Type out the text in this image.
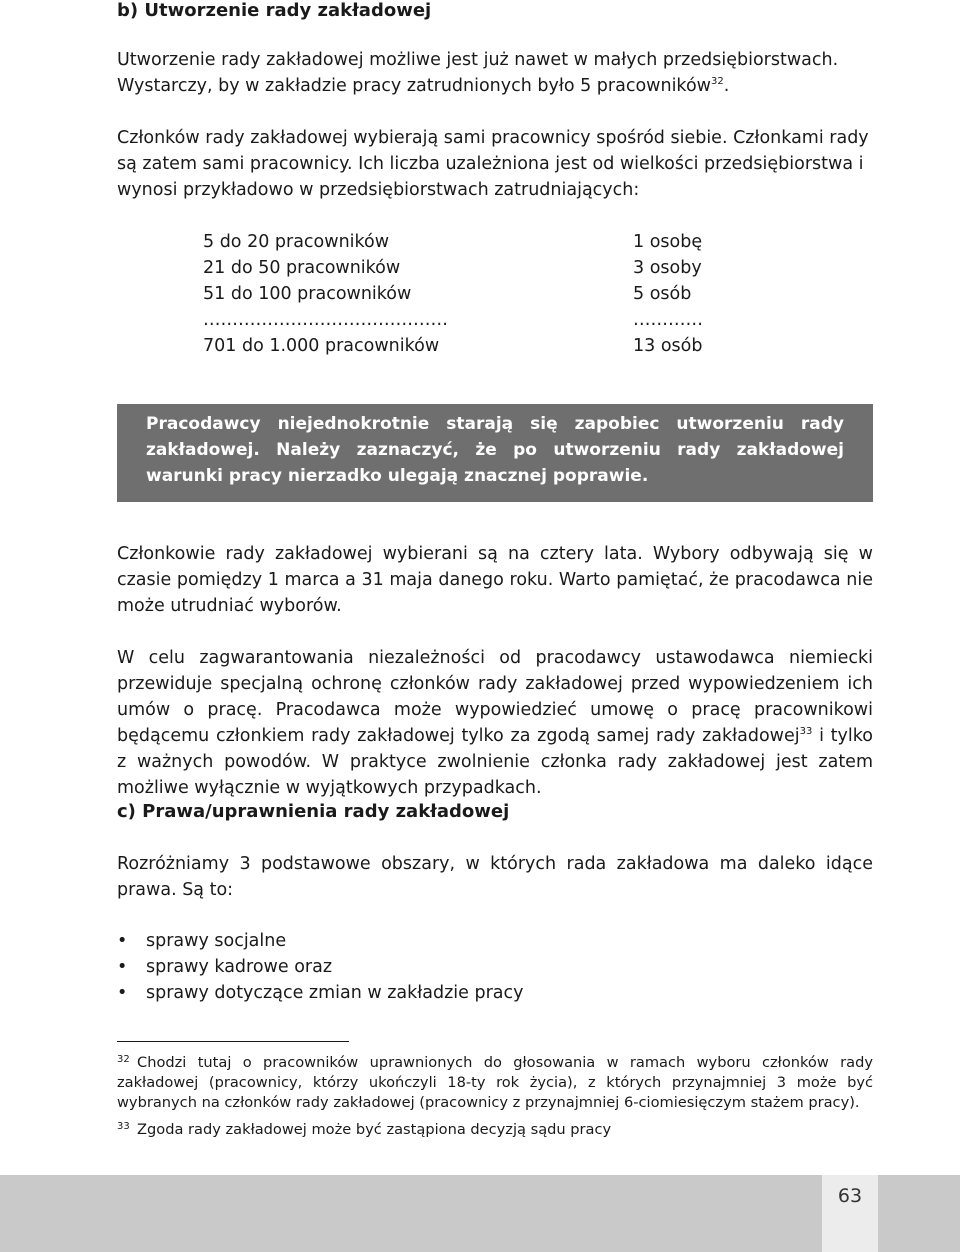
b) Utworzenie rady zakładowej

Utworzenie rady zakładowej możliwe jest już nawet w małych przedsiębiorstwach. Wystarczy, by w zakładzie pracy zatrudnionych było 5 pracowników$^{32}$.

Członków rady zakładowej wybierają sami pracownicy spośród siebie. Członkami rady są zatem sami pracownicy. Ich liczba uzależniona jest od wielkości przedsiębiorstwa i wynosi przykładowo w przedsiębiorstwach zatrudniających:

5 do 20 pracowników	1 osobę
21 do 50 pracowników	3 osoby
51 do 100 pracowników	5 osób
……………………………………	…………
701 do 1.000 pracowników	13 osób
Pracodawcy niejednokrotnie starają się zapobiec utworzeniu rady zakładowej. Należy zaznaczyć, że po utworzeniu rady zakładowej warunki pracy nierzadko ulegają znacznej poprawie.

Członkowie rady zakładowej wybierani są na cztery lata. Wybory odbywają się w czasie pomiędzy 1 marca a 31 maja danego roku. Warto pamiętać, że pracodawca nie może utrudniać wyborów.

W celu zagwarantowania niezależności od pracodawcy ustawodawca niemiecki przewiduje specjalną ochronę członków rady zakładowej przed wypowiedzeniem ich umów o pracę. Pracodawca może wypowiedzieć umowę o pracę pracownikowi będącemu członkiem rady zakładowej tylko za zgodą samej rady zakładowej$^{33}$ i tylko z ważnych powodów. W praktyce zwolnienie członka rady zakładowej jest zatem możliwe wyłącznie w wyjątkowych przypadkach.

c) Prawa/uprawnienia rady zakładowej

Rozróżniamy 3 podstawowe obszary, w których rada zakładowa ma daleko idące prawa. Są to:

• sprawy socjalne
• sprawy kadrowe oraz
• sprawy dotyczące zmian w zakładzie pracy

32 Chodzi tutaj o pracowników uprawnionych do głosowania w ramach wyboru członków rady zakładowej (pracownicy, którzy ukończyli 18-ty rok życia), z których przynajmniej 3 może być wybranych na członków rady zakładowej (pracownicy z przynajmniej 6-ciomiesięczym stażem pracy).

33 Zgoda rady zakładowej może być zastąpiona decyzją sądu pracy

63
